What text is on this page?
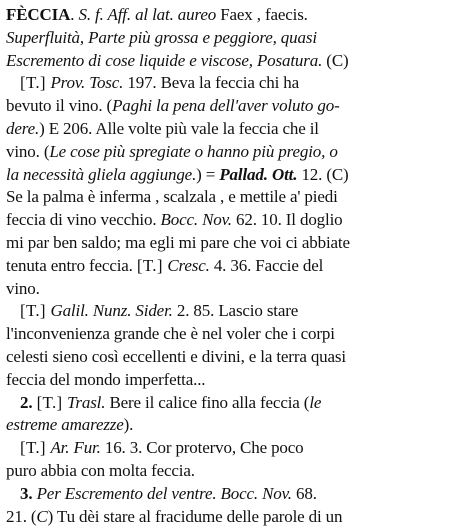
FÈCCIA. S. f. Aff. al lat. aureo Faex , faecis.
Superfluità, Parte più grossa e peggiore, quasi
Escremento di cose liquide e viscose, Posatura. (C)
[T.] Prov. Tosc. 197. Beva la feccia chi ha
bevuto il vino. (Paghi la pena dell'aver voluto go-
dere.) E 206. Alle volte più vale la feccia che il
vino. (Le cose più spregiate o hanno più pregio, o
la necessità gliela aggiunge.) = Pallad. Ott. 12. (C)
Se la palma è inferma , scalzala , e mettile a' piedi
feccia di vino vecchio. Bocc. Nov. 62. 10. Il doglio
mi par ben saldo; ma egli mi pare che voi ci abbiate
tenuta entro feccia. [T.] Cresc. 4. 36. Faccie del
vino.
[T.] Galil. Nunz. Sider. 2. 85. Lascio stare
l'inconvenienza grande che è nel voler che i corpi
celesti sieno così eccellenti e divini, e la terra quasi
feccia del mondo imperfetta...
2. [T.] Trasl. Bere il calice fino alla feccia (le
estreme amarezze).
[T.] Ar. Fur. 16. 3. Cor protervo, Che poco
puro abbia con molta feccia.
3. Per Escremento del ventre. Bocc. Nov. 68.
21. (C) Tu dèi stare al fracidume delle parole di un
